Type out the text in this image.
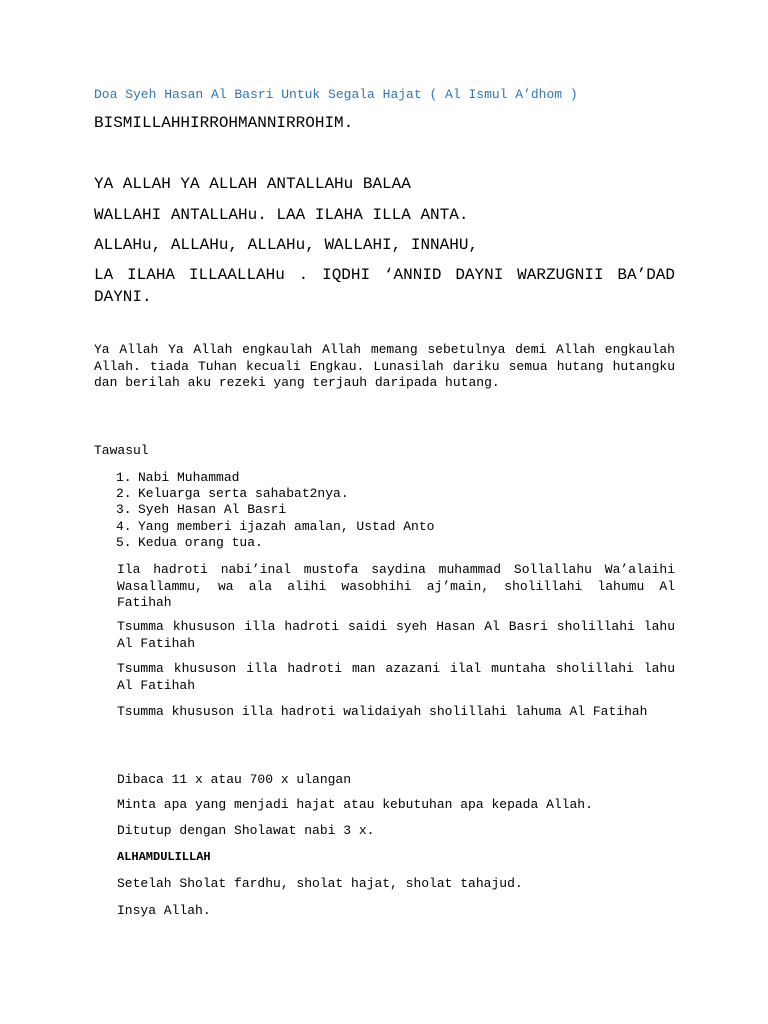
Doa Syeh Hasan Al Basri Untuk Segala Hajat ( Al Ismul A’dhom )
BISMILLAHHIRROHMANNIRROHIM.
YA ALLAH YA ALLAH ANTALLAHu BALAA
WALLAHI ANTALLAHu. LAA ILAHA ILLA ANTA.
ALLAHu, ALLAHu, ALLAHu, WALLAHI, INNAHU,
LA ILAHA ILLAALLAHu . IQDHI ‘ANNID DAYNI WARZUGNII BA’DAD DAYNI.
Ya Allah Ya Allah engkaulah Allah memang sebetulnya demi Allah engkaulah Allah. tiada Tuhan kecuali Engkau. Lunasilah dariku semua hutang hutangku dan berilah aku rezeki yang terjauh daripada hutang.
Tawasul
1. Nabi Muhammad
2. Keluarga serta sahabat2nya.
3. Syeh Hasan Al Basri
4. Yang memberi ijazah amalan, Ustad Anto
5. Kedua orang tua.
Ila hadroti nabi’inal mustofa saydina muhammad Sollallahu Wa’alaihi Wasallammu, wa ala alihi wasobhihi aj’main, sholillahi lahumu Al Fatihah
Tsumma khususon illa hadroti saidi syeh Hasan Al Basri sholillahi lahu Al Fatihah
Tsumma khususon illa hadroti man azazani ilal muntaha sholillahi lahu Al Fatihah
Tsumma khususon illa hadroti walidaiyah sholillahi lahuma Al Fatihah
Dibaca 11 x atau 700 x ulangan
Minta apa yang menjadi hajat atau kebutuhan apa kepada Allah.
Ditutup dengan Sholawat nabi 3 x.
ALHAMDULILLAH
Setelah Sholat fardhu, sholat hajat, sholat tahajud.
Insya Allah.
